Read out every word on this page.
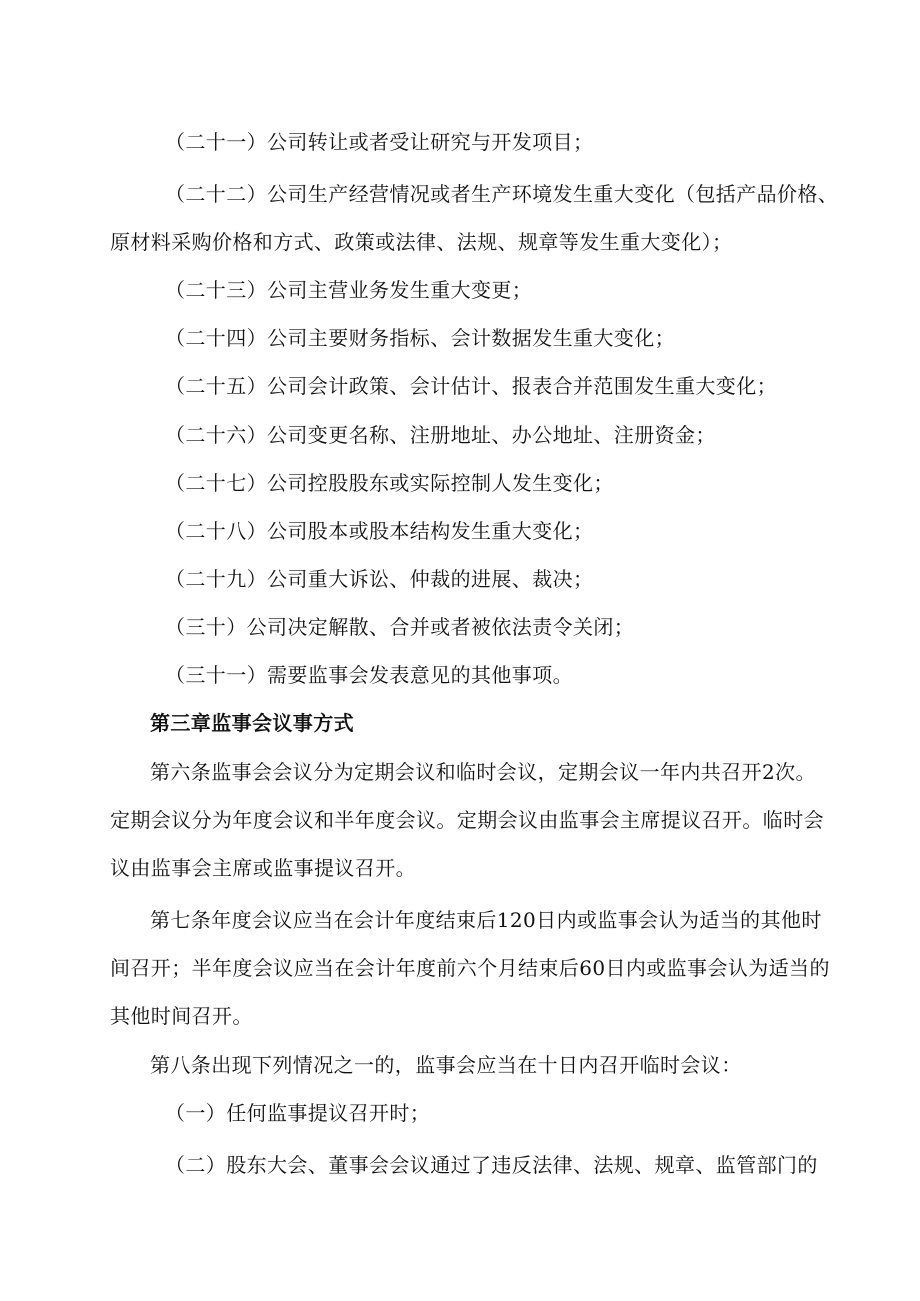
（二十一）公司转让或者受让研究与开发项目；
（二十二）公司生产经营情况或者生产环境发生重大变化（包括产品价格、
原材料采购价格和方式、政策或法律、法规、规章等发生重大变化）；
（二十三）公司主营业务发生重大变更；
（二十四）公司主要财务指标、会计数据发生重大变化；
（二十五）公司会计政策、会计估计、报表合并范围发生重大变化；
（二十六）公司变更名称、注册地址、办公地址、注册资金；
（二十七）公司控股股东或实际控制人发生变化；
（二十八）公司股本或股本结构发生重大变化；
（二十九）公司重大诉讼、仲裁的进展、裁决；
（三十）公司决定解散、合并或者被依法责令关闭；
（三十一）需要监事会发表意见的其他事项。
第三章监事会议事方式
第六条监事会会议分为定期会议和临时会议，定期会议一年内共召开2次。
定期会议分为年度会议和半年度会议。定期会议由监事会主席提议召开。临时会
议由监事会主席或监事提议召开。
第七条年度会议应当在会计年度结束后120日内或监事会认为适当的其他时
间召开；半年度会议应当在会计年度前六个月结束后60日内或监事会认为适当的
其他时间召开。
第八条出现下列情况之一的，监事会应当在十日内召开临时会议：
（一）任何监事提议召开时；
（二）股东大会、董事会会议通过了违反法律、法规、规章、监管部门的
